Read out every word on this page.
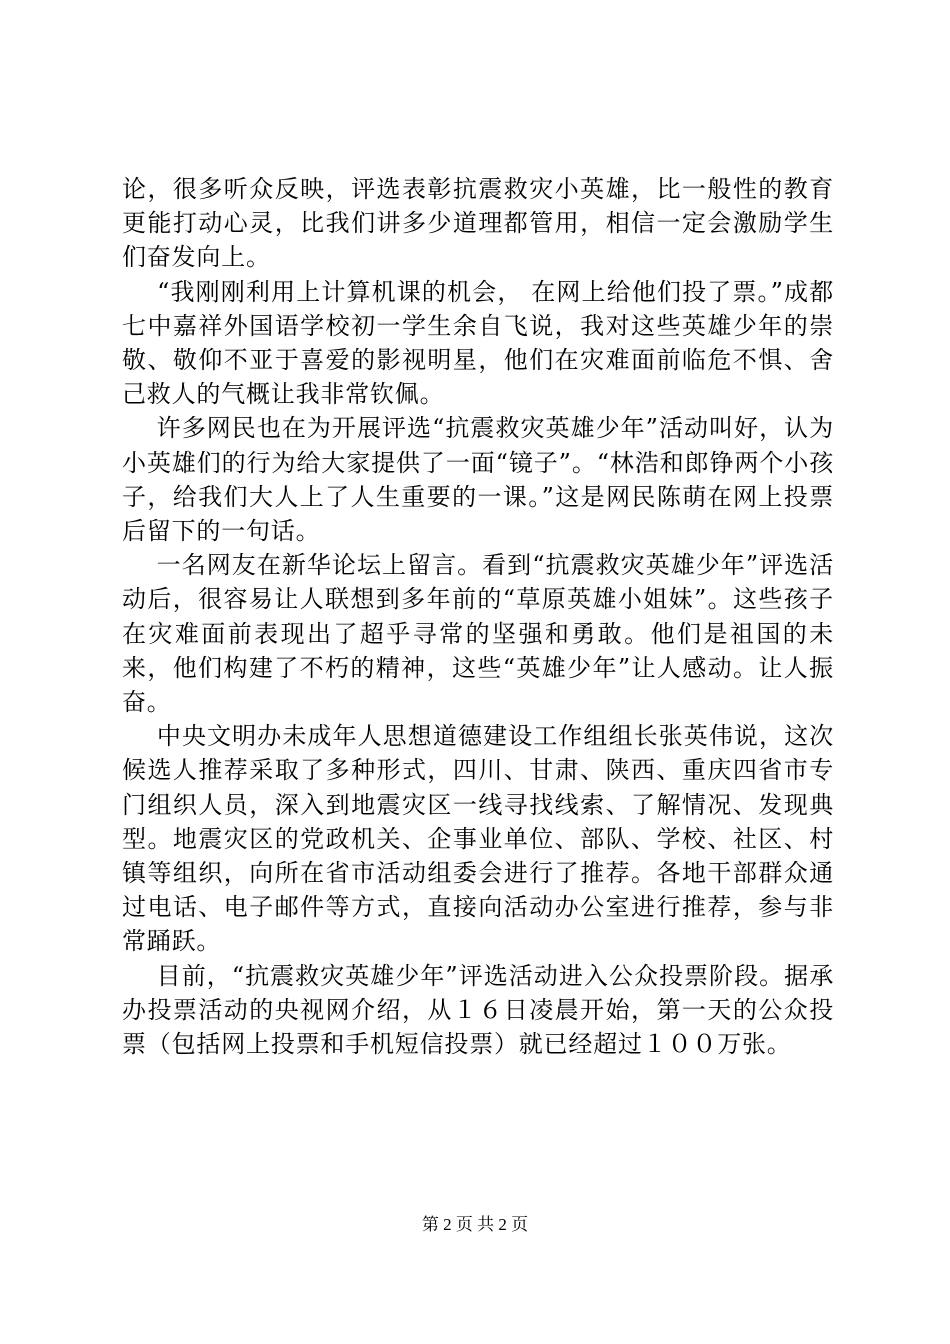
论，很多听众反映，评选表彰抗震救灾小英雄，比一般性的教育更能打动心灵，比我们讲多少道理都管用，相信一定会激励学生们奋发向上。

“我刚刚利用上计算机课的机会， 在网上给他们投了票。”成都七中嘉祥外国语学校初一学生余自飞说，我对这些英雄少年的崇敬、敬仰不亚于喜爱的影视明星，他们在灾难面前临危不惧、舍己救人的气概让我非常钦佩。

许多网民也在为开展评选“抗震救灾英雄少年”活动叫好，认为小英雄们的行为给大家提供了一面“镜子”。“林浩和郎铮两个小孩子，给我们大人上了人生重要的一课。”这是网民陈萌在网上投票后留下的一句话。

一名网友在新华论坛上留言。看到“抗震救灾英雄少年”评选活动后，很容易让人联想到多年前的“草原英雄小姐妹”。这些孩子在灾难面前表现出了超乎寻常的坚强和勇敢。他们是祖国的未来，他们构建了不朽的精神，这些“英雄少年”让人感动。让人振奋。

中央文明办未成年人思想道德建设工作组组长张英伟说，这次候选人推荐采取了多种形式，四川、甘肃、陕西、重庆四省市专门组织人员，深入到地震灾区一线寻找线索、了解情况、发现典型。地震灾区的党政机关、企事业单位、部队、学校、社区、村镇等组织，向所在省市活动组委会进行了推荐。各地干部群众通过电话、电子邮件等方式，直接向活动办公室进行推荐，参与非常踊跃。

目前，“抗震救灾英雄少年”评选活动进入公众投票阶段。据承办投票活动的央视网介绍，从１６日凌晨开始，第一天的公众投票（包括网上投票和手机短信投票）就已经超过１００万张。

第 2 页 共 2 页
